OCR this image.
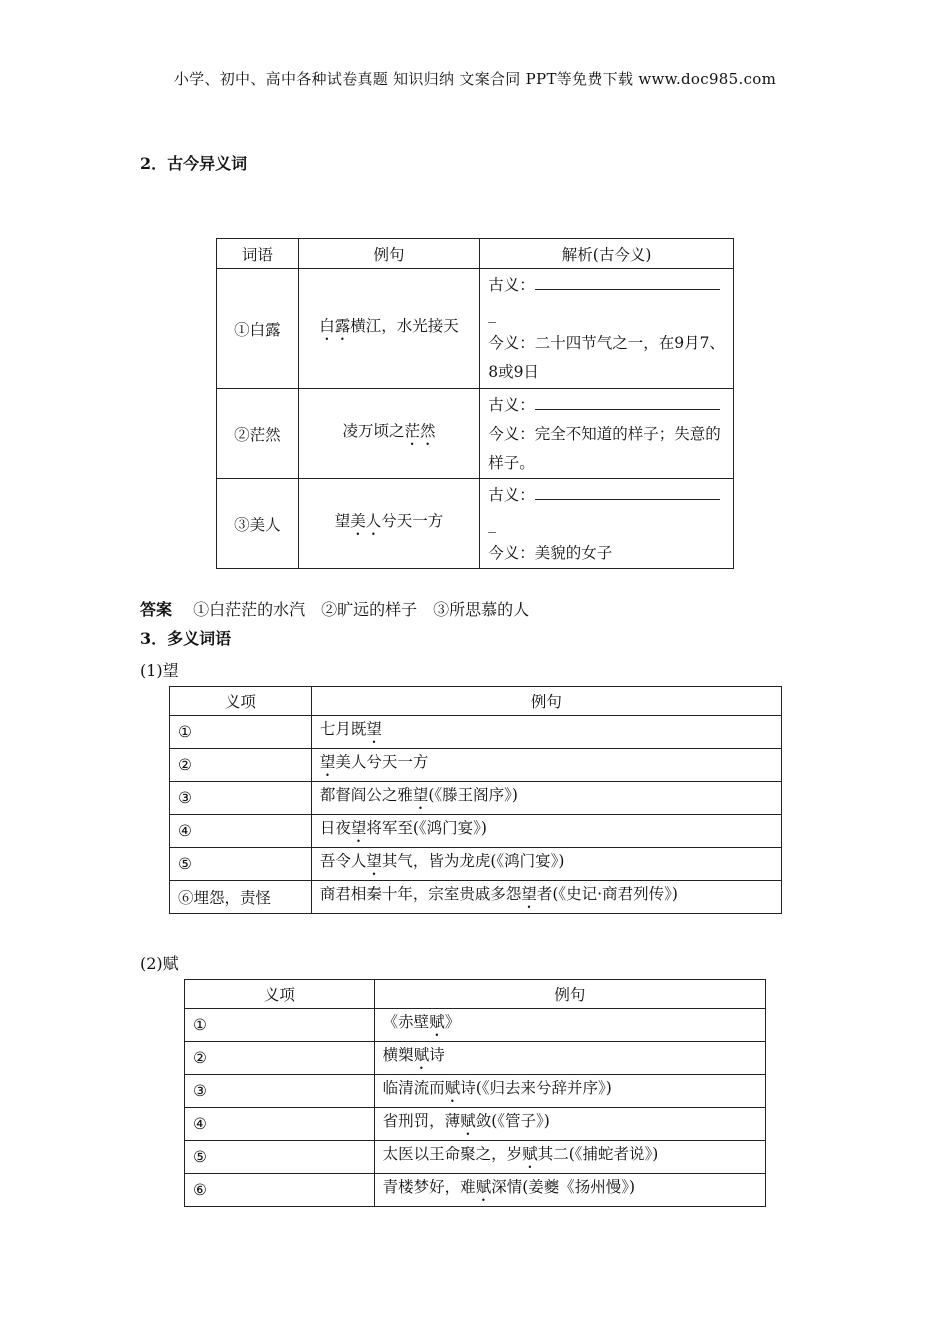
小学、初中、高中各种试卷真题 知识归纳 文案合同 PPT等免费下载 www.doc985.com
2．古今异义词
词语	例句	解析(古今义)
①白露	白露横江，水光接天	古义：
_
今义：二十四节气之一，在9月7、8或9日

②茫然	凌万顷之茫然	古义：
今义：完全不知道的样子；失意的样子。

③美人	望美人兮天一方	古义：
_
今义：美貌的女子
答案　 ①白茫茫的水汽　②旷远的样子　③所思慕的人
3．多义词语
(1)望
义项	例句
①	七月既望
②	望美人兮天一方
③	都督阎公之雅望(《滕王阁序》)
④	日夜望将军至(《鸿门宴》)
⑤	吾令人望其气，皆为龙虎(《鸿门宴》)
⑥埋怨，责怪	商君相秦十年，宗室贵戚多怨望者(《史记·商君列传》)
(2)赋
义项	例句
①	《赤壁赋》
②	横槊赋诗
③	临清流而赋诗(《归去来兮辞并序》)
④	省刑罚，薄赋敛(《管子》)
⑤	太医以王命聚之，岁赋其二(《捕蛇者说》)
⑥	青楼梦好，难赋深情(姜夔《扬州慢》)
